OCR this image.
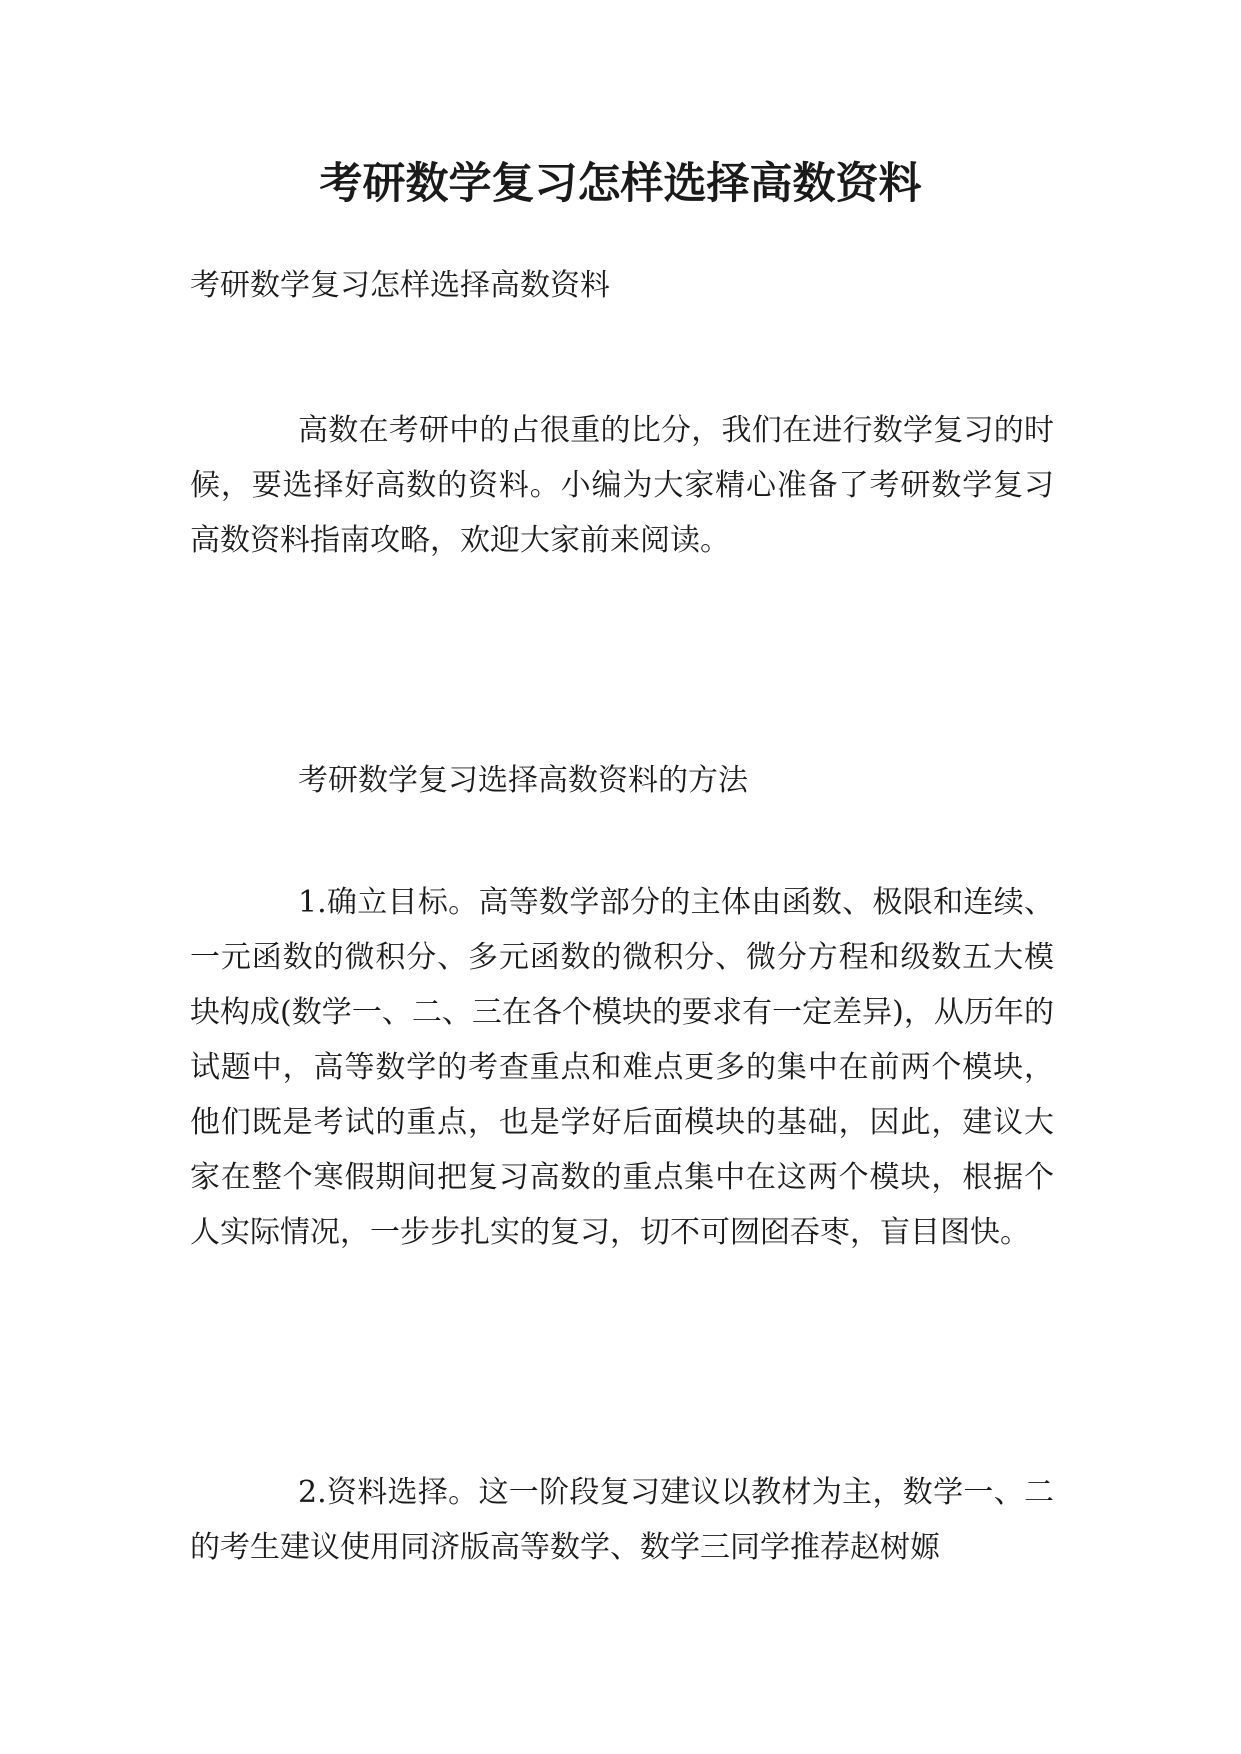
考研数学复习怎样选择高数资料

考研数学复习怎样选择高数资料

高数在考研中的占很重的比分，我们在进行数学复习的时候，要选择好高数的资料。小编为大家精心准备了考研数学复习高数资料指南攻略，欢迎大家前来阅读。

考研数学复习选择高数资料的方法

1.确立目标。高等数学部分的主体由函数、极限和连续、一元函数的微积分、多元函数的微积分、微分方程和级数五大模块构成(数学一、二、三在各个模块的要求有一定差异)，从历年的试题中，高等数学的考查重点和难点更多的集中在前两个模块，他们既是考试的重点，也是学好后面模块的基础，因此，建议大家在整个寒假期间把复习高数的重点集中在这两个模块，根据个人实际情况，一步步扎实的复习，切不可囫囵吞枣，盲目图快。

2.资料选择。这一阶段复习建议以教材为主，数学一、二的考生建议使用同济版高等数学、数学三同学推荐赵树嫄
